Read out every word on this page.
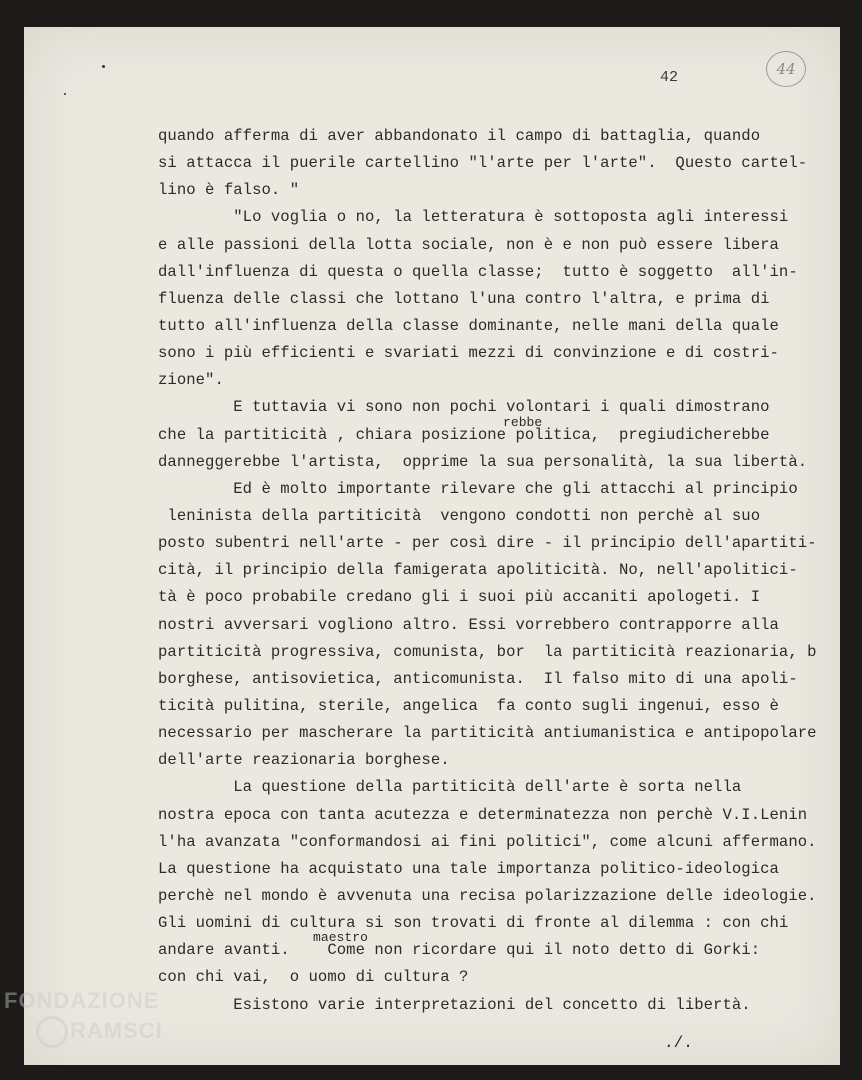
44
42
quando afferma di aver abbandonato il campo di battaglia, quando
si attacca il puerile cartellino "l'arte per l'arte".  Questo cartel-
lino è falso. "
"Lo voglia o no, la letteratura è sottoposta agli interessi
e alle passioni della lotta sociale, non è e non può essere libera
dall'influenza di questa o quella classe;  tutto è soggetto  all'in-
fluenza delle classi che lottano l'una contro l'altra, e prima di
tutto all'influenza della classe dominante, nelle mani della quale
sono i più efficienti e svariati mezzi di convinzione e di costri-
zione".
E tuttavia vi sono non pochi volontari i quali dimostrano
che la partiticità , chiara posizione politica,  pregiudicherebbe
rebbe
danneggerebbe l'artista,  opprime la sua personalità, la sua libertà.
Ed è molto importante rilevare che gli attacchi al principio
leninista della partiticità  vengono condotti non perchè al suo
posto subentri nell'arte - per così dire - il principio dell'apartiti-
cità, il principio della famigerata apoliticità. No, nell'apolitici-
tà è poco probabile credano gli i suoi più accaniti apologeti. I
nostri avversari vogliono altro. Essi vorrebbero contrapporre alla
partiticità progressiva, comunista, bor  la partiticità reazionaria, b
borghese, antisovietica, anticomunista.  Il falso mito di una apoli-
ticità pulitina, sterile, angelica  fa conto sugli ingenui, esso è
necessario per mascherare la partiticità antiumanistica e antipopolare
dell'arte reazionaria borghese.
La questione della partiticità dell'arte è sorta nella
nostra epoca con tanta acutezza e determinatezza non perchè V.I.Lenin
l'ha avanzata "conformandosi ai fini politici", come alcuni affermano.
La questione ha acquistato una tale importanza politico-ideologica
perchè nel mondo è avvenuta una recisa polarizzazione delle ideologie.
Gli uomini di cultura si son trovati di fronte al dilemma : con chi
andare avanti.    Come non ricordare qui il noto detto di Gorki:
maestro
con chi vai,  o uomo di cultura ?
Esistono varie interpretazioni del concetto di libertà.
./.
FONDAZIONE
RAMSCI
